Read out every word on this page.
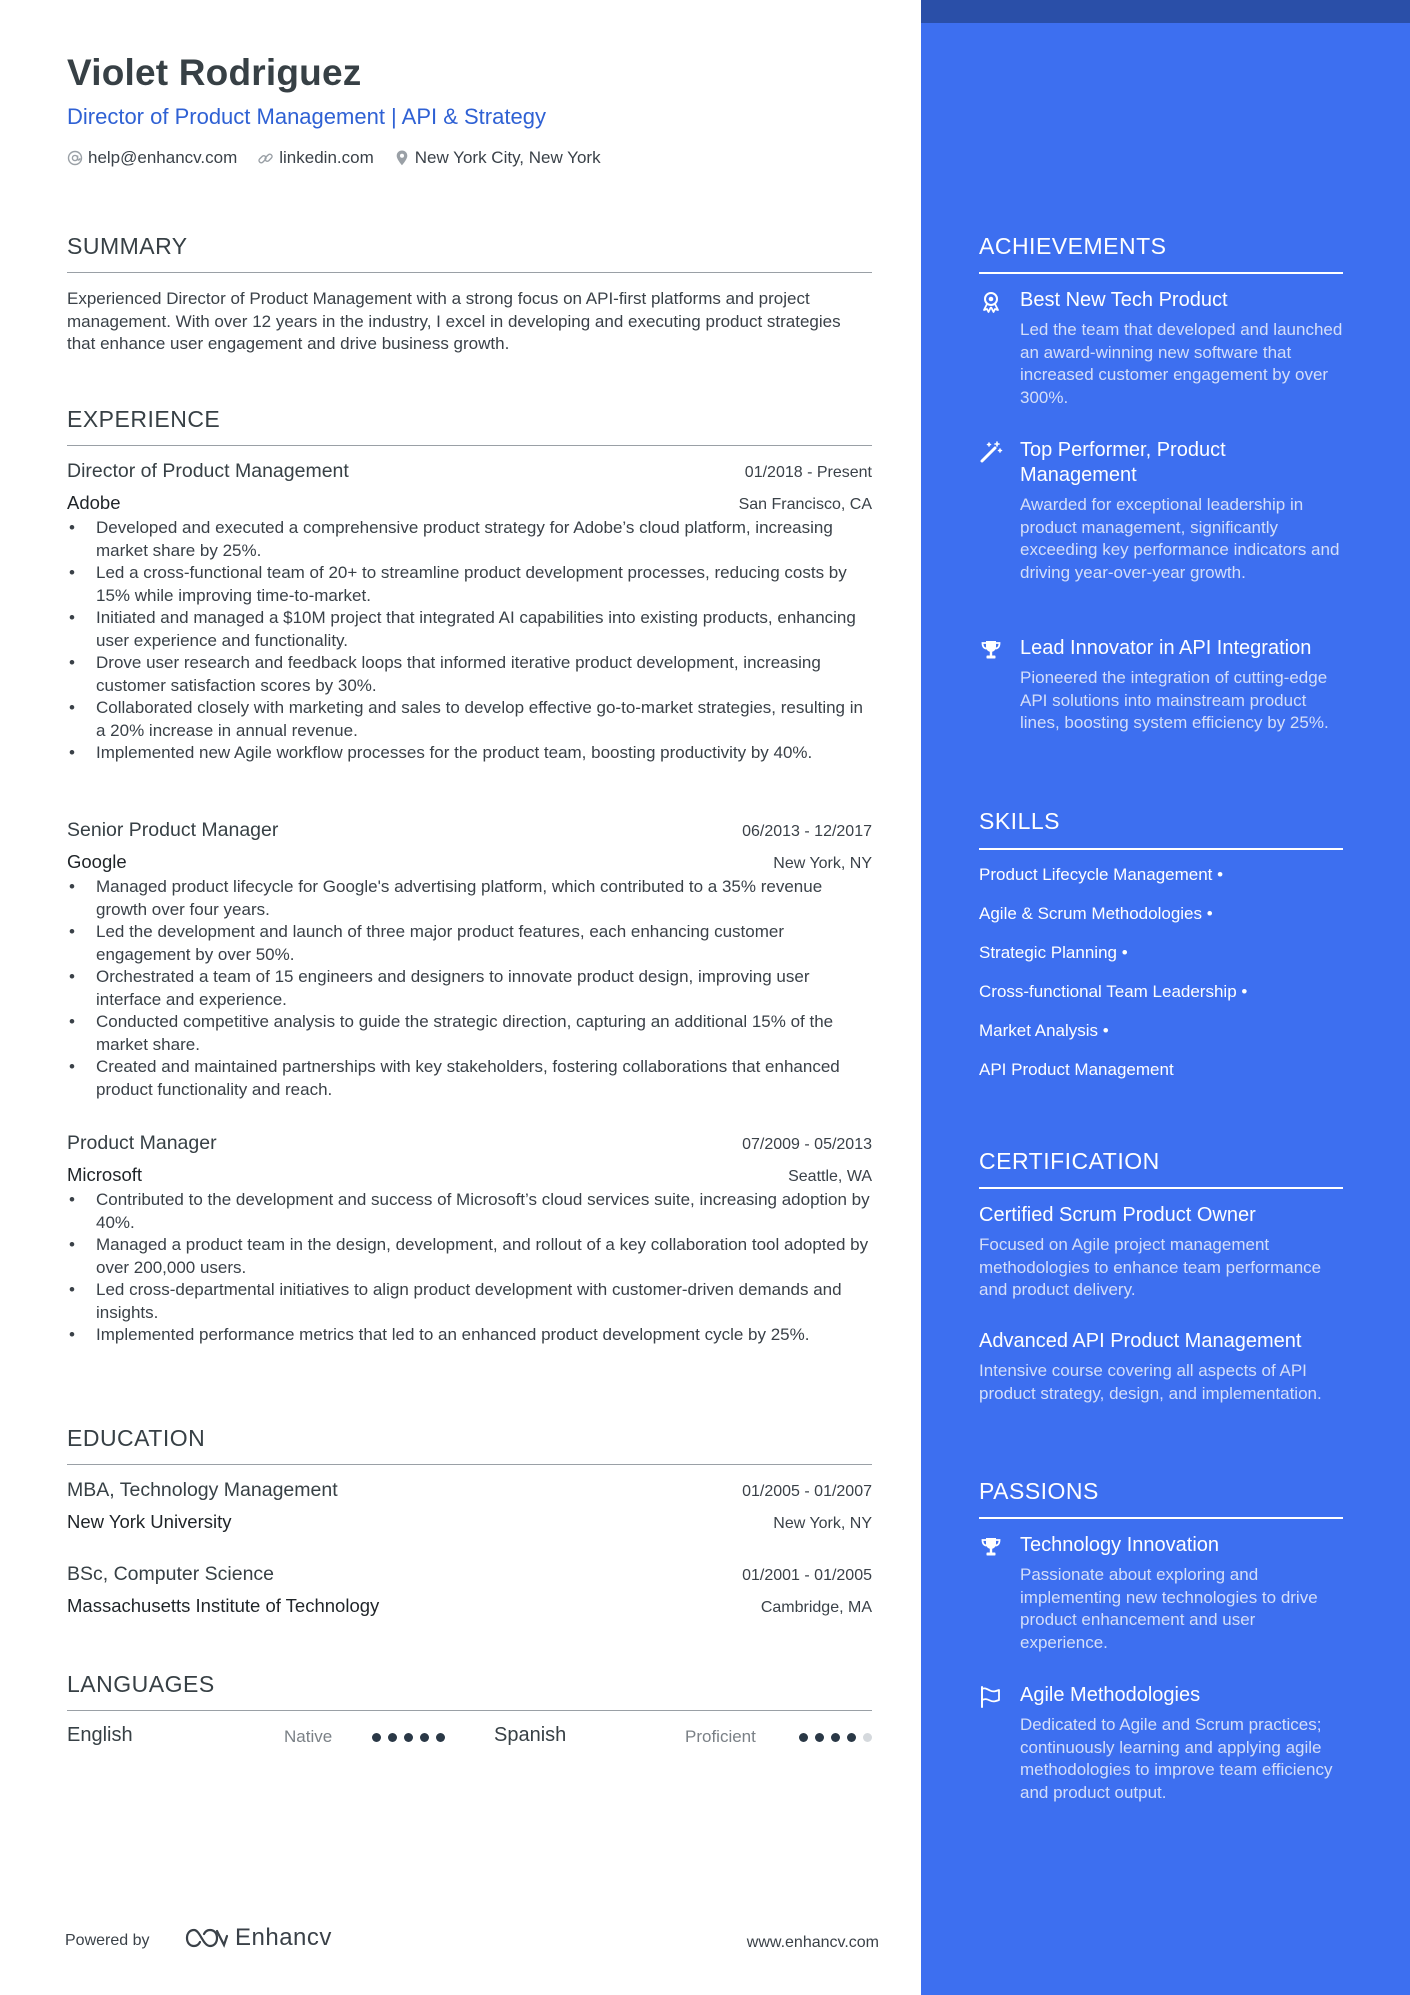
Violet Rodriguez
Director of Product Management | API & Strategy
help@enhancv.com linkedin.com New York City, New York
SUMMARY
Experienced Director of Product Management with a strong focus on API-first platforms and project management. With over 12 years in the industry, I excel in developing and executing product strategies that enhance user engagement and drive business growth.
EXPERIENCE
Director of Product Management	01/2018 - Present
Adobe	San Francisco, CA
• Developed and executed a comprehensive product strategy for Adobe’s cloud platform, increasing market share by 25%.
• Led a cross-functional team of 20+ to streamline product development processes, reducing costs by 15% while improving time-to-market.
• Initiated and managed a $10M project that integrated AI capabilities into existing products, enhancing user experience and functionality.
• Drove user research and feedback loops that informed iterative product development, increasing customer satisfaction scores by 30%.
• Collaborated closely with marketing and sales to develop effective go-to-market strategies, resulting in a 20% increase in annual revenue.
• Implemented new Agile workflow processes for the product team, boosting productivity by 40%.
Senior Product Manager	06/2013 - 12/2017
Google	New York, NY
• Managed product lifecycle for Google's advertising platform, which contributed to a 35% revenue growth over four years.
• Led the development and launch of three major product features, each enhancing customer engagement by over 50%.
• Orchestrated a team of 15 engineers and designers to innovate product design, improving user interface and experience.
• Conducted competitive analysis to guide the strategic direction, capturing an additional 15% of the market share.
• Created and maintained partnerships with key stakeholders, fostering collaborations that enhanced product functionality and reach.
Product Manager	07/2009 - 05/2013
Microsoft	Seattle, WA
• Contributed to the development and success of Microsoft’s cloud services suite, increasing adoption by 40%.
• Managed a product team in the design, development, and rollout of a key collaboration tool adopted by over 200,000 users.
• Led cross-departmental initiatives to align product development with customer-driven demands and insights.
• Implemented performance metrics that led to an enhanced product development cycle by 25%.
EDUCATION
MBA, Technology Management	01/2005 - 01/2007
New York University	New York, NY
BSc, Computer Science	01/2001 - 01/2005
Massachusetts Institute of Technology	Cambridge, MA
LANGUAGES
English	Native	Spanish	Proficient
Powered by	Enhancv	www.enhancv.com
ACHIEVEMENTS
Best New Tech Product
Led the team that developed and launched an award-winning new software that increased customer engagement by over 300%.
Top Performer, Product Management
Awarded for exceptional leadership in product management, significantly exceeding key performance indicators and driving year-over-year growth.
Lead Innovator in API Integration
Pioneered the integration of cutting-edge API solutions into mainstream product lines, boosting system efficiency by 25%.
SKILLS
Product Lifecycle Management •
Agile & Scrum Methodologies •
Strategic Planning •
Cross-functional Team Leadership •
Market Analysis •
API Product Management
CERTIFICATION
Certified Scrum Product Owner
Focused on Agile project management methodologies to enhance team performance and product delivery.
Advanced API Product Management
Intensive course covering all aspects of API product strategy, design, and implementation.
PASSIONS
Technology Innovation
Passionate about exploring and implementing new technologies to drive product enhancement and user experience.
Agile Methodologies
Dedicated to Agile and Scrum practices; continuously learning and applying agile methodologies to improve team efficiency and product output.
